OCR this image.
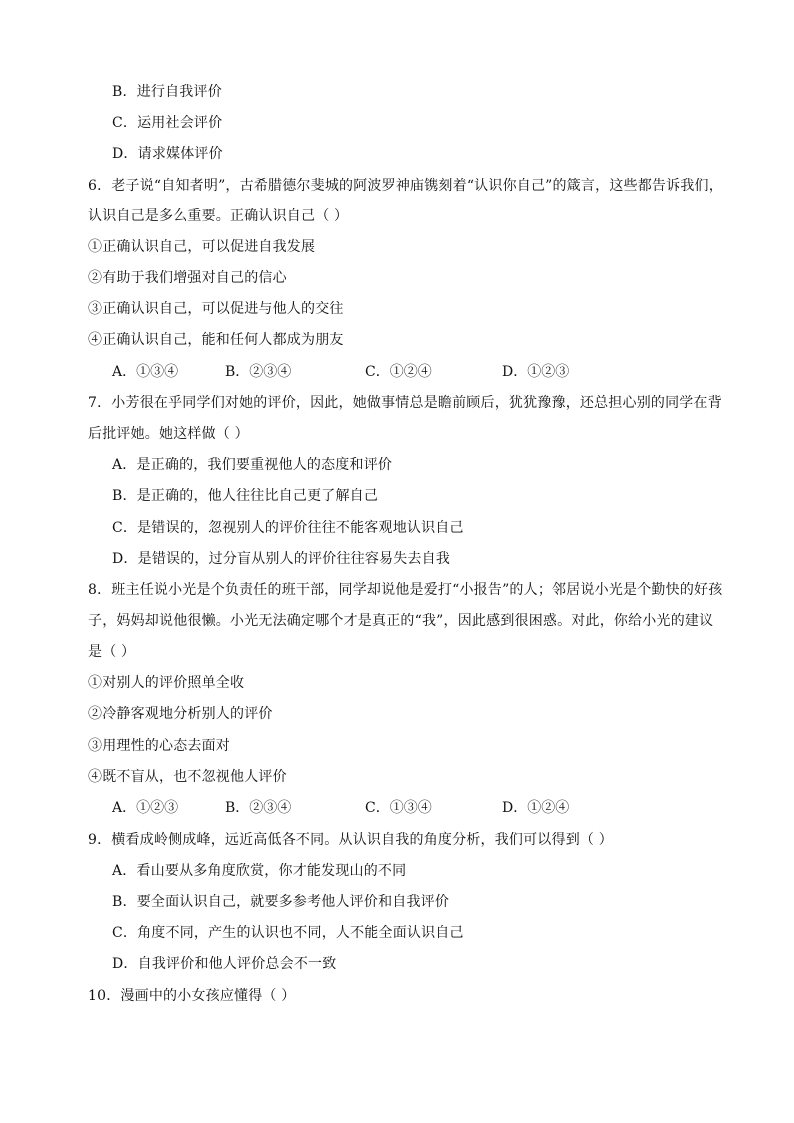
B．进行自我评价
C．运用社会评价
D．请求媒体评价
6．老子说“自知者明”，古希腊德尔斐城的阿波罗神庙镌刻着“认识你自己”的箴言，这些都告诉我们，
认识自己是多么重要。正确认识自己（ ）
①正确认识自己，可以促进自我发展
②有助于我们增强对自己的信心
③正确认识自己，可以促进与他人的交往
④正确认识自己，能和任何人都成为朋友
A．①③④	B．②③④	C．①②④	D．①②③
7．小芳很在乎同学们对她的评价，因此，她做事情总是瞻前顾后，犹犹豫豫，还总担心别的同学在背
后批评她。她这样做（ ）
A．是正确的，我们要重视他人的态度和评价
B．是正确的，他人往往比自己更了解自己
C．是错误的，忽视别人的评价往往不能客观地认识自己
D．是错误的，过分盲从别人的评价往往容易失去自我
8．班主任说小光是个负责任的班干部，同学却说他是爱打“小报告”的人；邻居说小光是个勤快的好孩
子，妈妈却说他很懒。小光无法确定哪个才是真正的“我”，因此感到很困惑。对此，你给小光的建议
是（ ）
①对别人的评价照单全收
②冷静客观地分析别人的评价
③用理性的心态去面对
④既不盲从，也不忽视他人评价
A．①②③	B．②③④	C．①③④	D．①②④
9．横看成岭侧成峰，远近高低各不同。从认识自我的角度分析，我们可以得到（ ）
A．看山要从多角度欣赏，你才能发现山的不同
B．要全面认识自己，就要多参考他人评价和自我评价
C．角度不同，产生的认识也不同，人不能全面认识自己
D．自我评价和他人评价总会不一致
10．漫画中的小女孩应懂得（ ）
